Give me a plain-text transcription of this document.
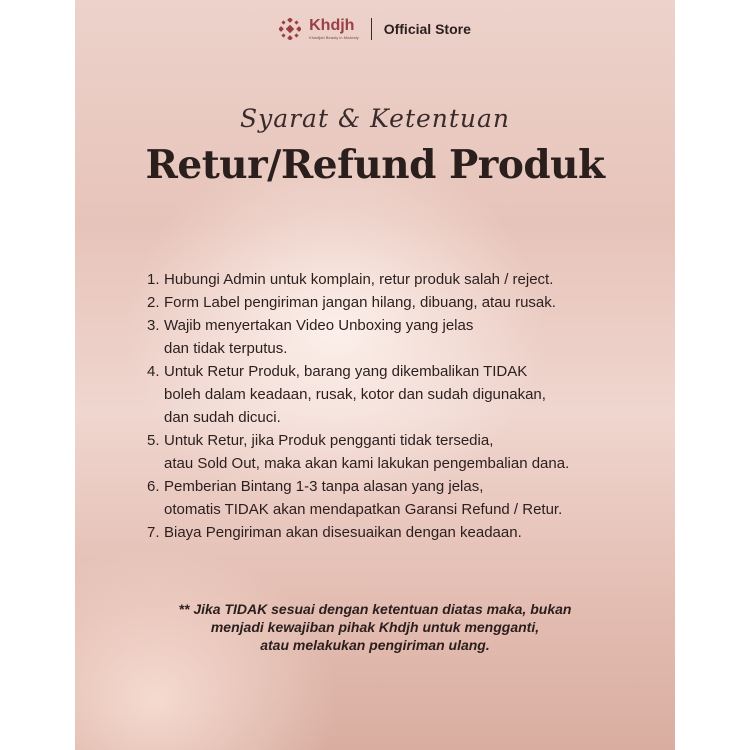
Khdjh
Khadijah Beauty in Modesty
Official Store
Syarat & Ketentuan
Retur/Refund Produk
1. Hubungi Admin untuk komplain, retur produk salah / reject.
2. Form Label pengiriman jangan hilang, dibuang, atau rusak.
3. Wajib menyertakan Video Unboxing yang jelas
dan tidak terputus.
4. Untuk Retur Produk, barang yang dikembalikan TIDAK
boleh dalam keadaan, rusak, kotor dan sudah digunakan,
dan sudah dicuci.
5. Untuk Retur, jika Produk pengganti tidak tersedia,
atau Sold Out, maka akan kami lakukan pengembalian dana.
6. Pemberian Bintang 1-3 tanpa alasan yang jelas,
otomatis TIDAK akan mendapatkan Garansi Refund / Retur.
7. Biaya Pengiriman akan disesuaikan dengan keadaan.
** Jika TIDAK sesuai dengan ketentuan diatas maka, bukan
menjadi kewajiban pihak Khdjh untuk mengganti,
atau melakukan pengiriman ulang.
